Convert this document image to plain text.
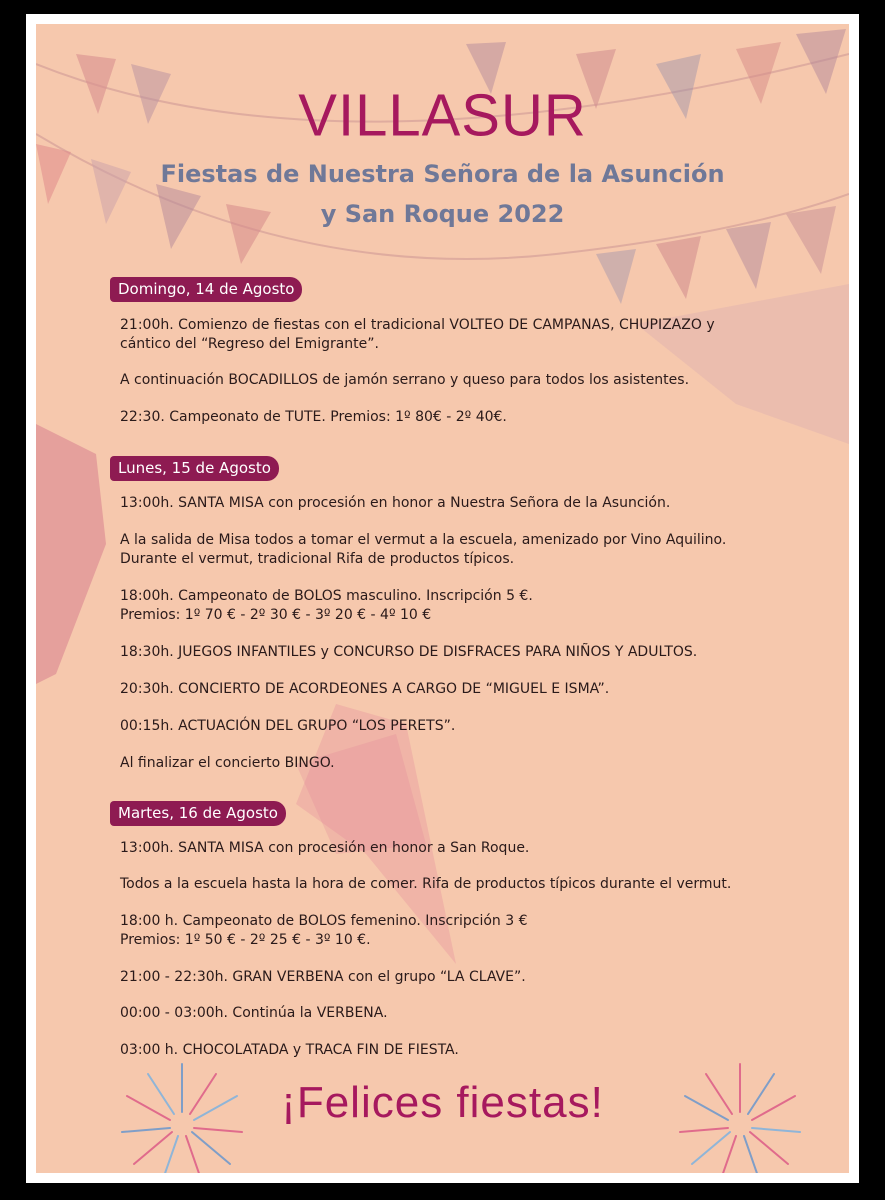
VILLASUR
Fiestas de Nuestra Señora de la Asunción
y San Roque 2022
Domingo, 14 de Agosto

21:00h. Comienzo de fiestas con el tradicional VOLTEO DE CAMPANAS, CHUPIZAZO y

cántico del “Regreso del Emigrante”.

A continuación BOCADILLOS de jamón serrano y queso para todos los asistentes.

22:30. Campeonato de TUTE. Premios: 1º 80€ - 2º 40€.

Lunes, 15 de Agosto

13:00h. SANTA MISA con procesión en honor a Nuestra Señora de la Asunción.

A la salida de Misa todos a tomar el vermut a la escuela, amenizado por Vino Aquilino.

Durante el vermut, tradicional Rifa de productos típicos.

18:00h. Campeonato de BOLOS masculino. Inscripción 5 €.

Premios: 1º 70 € - 2º 30 € - 3º 20 € - 4º 10 €

18:30h. JUEGOS INFANTILES y CONCURSO DE DISFRACES PARA NIÑOS Y ADULTOS.

20:30h. CONCIERTO DE ACORDEONES A CARGO DE “MIGUEL E ISMA”.

00:15h. ACTUACIÓN DEL GRUPO “LOS PERETS”.

Al finalizar el concierto BINGO.

Martes, 16 de Agosto

13:00h. SANTA MISA con procesión en honor a San Roque.

Todos a la escuela hasta la hora de comer. Rifa de productos típicos durante el vermut.

18:00 h. Campeonato de BOLOS femenino. Inscripción 3 €

Premios: 1º 50 € - 2º 25 € - 3º 10 €.

21:00 - 22:30h. GRAN VERBENA con el grupo “LA CLAVE”.

00:00 - 03:00h. Continúa la VERBENA.

03:00 h. CHOCOLATADA y TRACA FIN DE FIESTA.

¡Felices fiestas!
